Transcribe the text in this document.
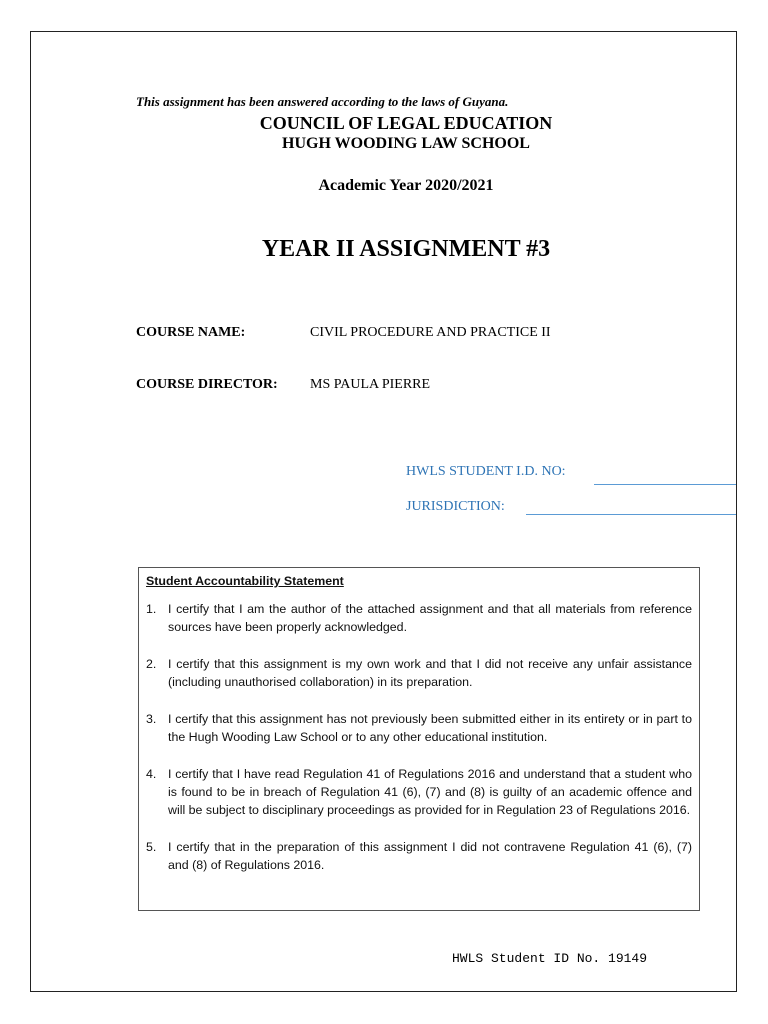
This assignment has been answered according to the laws of Guyana.
COUNCIL OF LEGAL EDUCATION
HUGH WOODING LAW SCHOOL
Academic Year 2020/2021
YEAR II ASSIGNMENT #3
COURSE NAME:	CIVIL PROCEDURE AND PRACTICE II
COURSE DIRECTOR: MS PAULA PIERRE
HWLS STUDENT I.D. NO:
JURISDICTION:
Student Accountability Statement
1. I certify that I am the author of the attached assignment and that all materials from reference sources have been properly acknowledged.
2. I certify that this assignment is my own work and that I did not receive any unfair assistance (including unauthorised collaboration) in its preparation.
3. I certify that this assignment has not previously been submitted either in its entirety or in part to the Hugh Wooding Law School or to any other educational institution.
4. I certify that I have read Regulation 41 of Regulations 2016 and understand that a student who is found to be in breach of Regulation 41 (6), (7) and (8) is guilty of an academic offence and will be subject to disciplinary proceedings as provided for in Regulation 23 of Regulations 2016.
5. I certify that in the preparation of this assignment I did not contravene Regulation 41 (6), (7) and (8) of Regulations 2016.
HWLS Student ID No. 19149
